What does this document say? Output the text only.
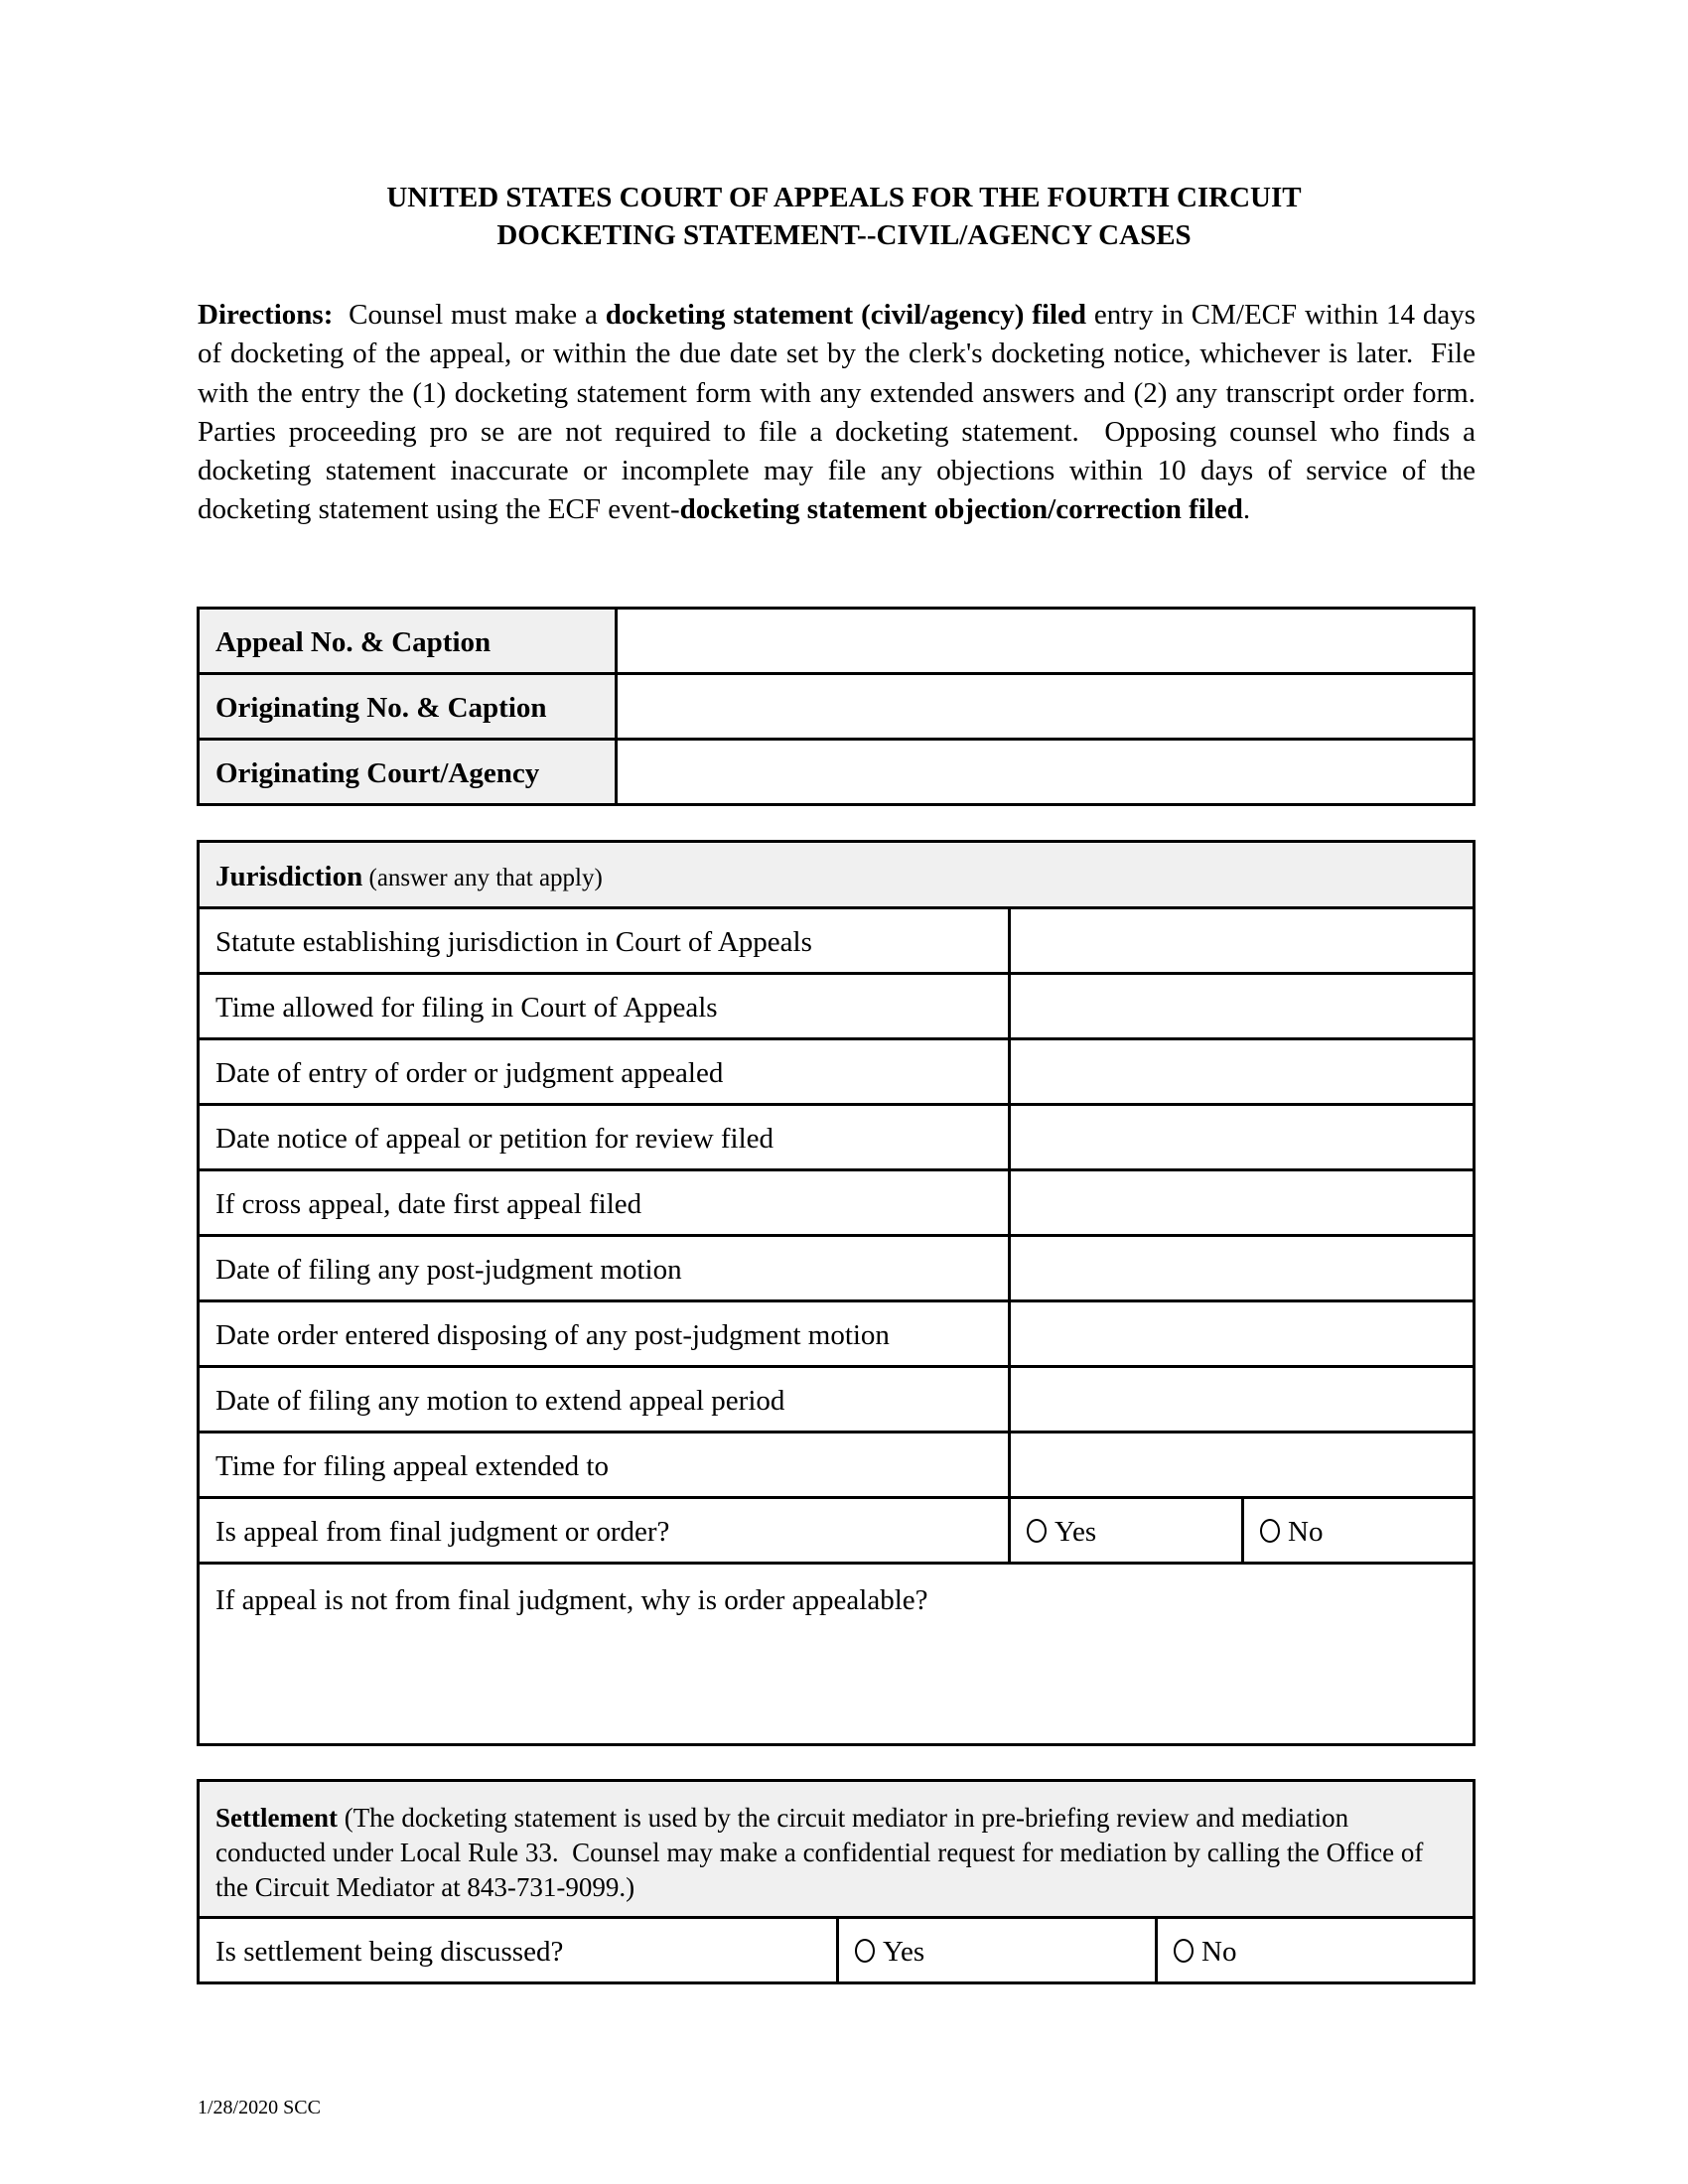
UNITED STATES COURT OF APPEALS FOR THE FOURTH CIRCUIT
DOCKETING STATEMENT--CIVIL/AGENCY CASES
Directions:  Counsel must make a docketing statement (civil/agency) filed entry in CM/ECF within 14 days of docketing of the appeal, or within the due date set by the clerk's docketing notice, whichever is later.  File with the entry the (1) docketing statement form with any extended answers and (2) any transcript order form.  Parties proceeding pro se are not required to file a docketing statement.  Opposing counsel who finds a docketing statement inaccurate or incomplete may file any objections within 10 days of service of the docketing statement using the ECF event-docketing statement objection/correction filed.
Appeal No. & Caption	
Originating No. & Caption	
Originating Court/Agency	
Jurisdiction (answer any that apply)		
Statute establishing jurisdiction in Court of Appeals		
Time allowed for filing in Court of Appeals		
Date of entry of order or judgment appealed		
Date notice of appeal or petition for review filed		
If cross appeal, date first appeal filed		
Date of filing any post-judgment motion		
Date order entered disposing of any post-judgment motion		
Date of filing any motion to extend appeal period		
Time for filing appeal extended to		
Is appeal from final judgment or order?	Yes	No
If appeal is not from final judgment, why is order appealable?		
Settlement (The docketing statement is used by the circuit mediator in pre-briefing review and mediation conducted under Local Rule 33.  Counsel may make a confidential request for mediation by calling the Office of the Circuit Mediator at 843-731-9099.)
Is settlement being discussed?	Yes	No
1/28/2020 SCC
